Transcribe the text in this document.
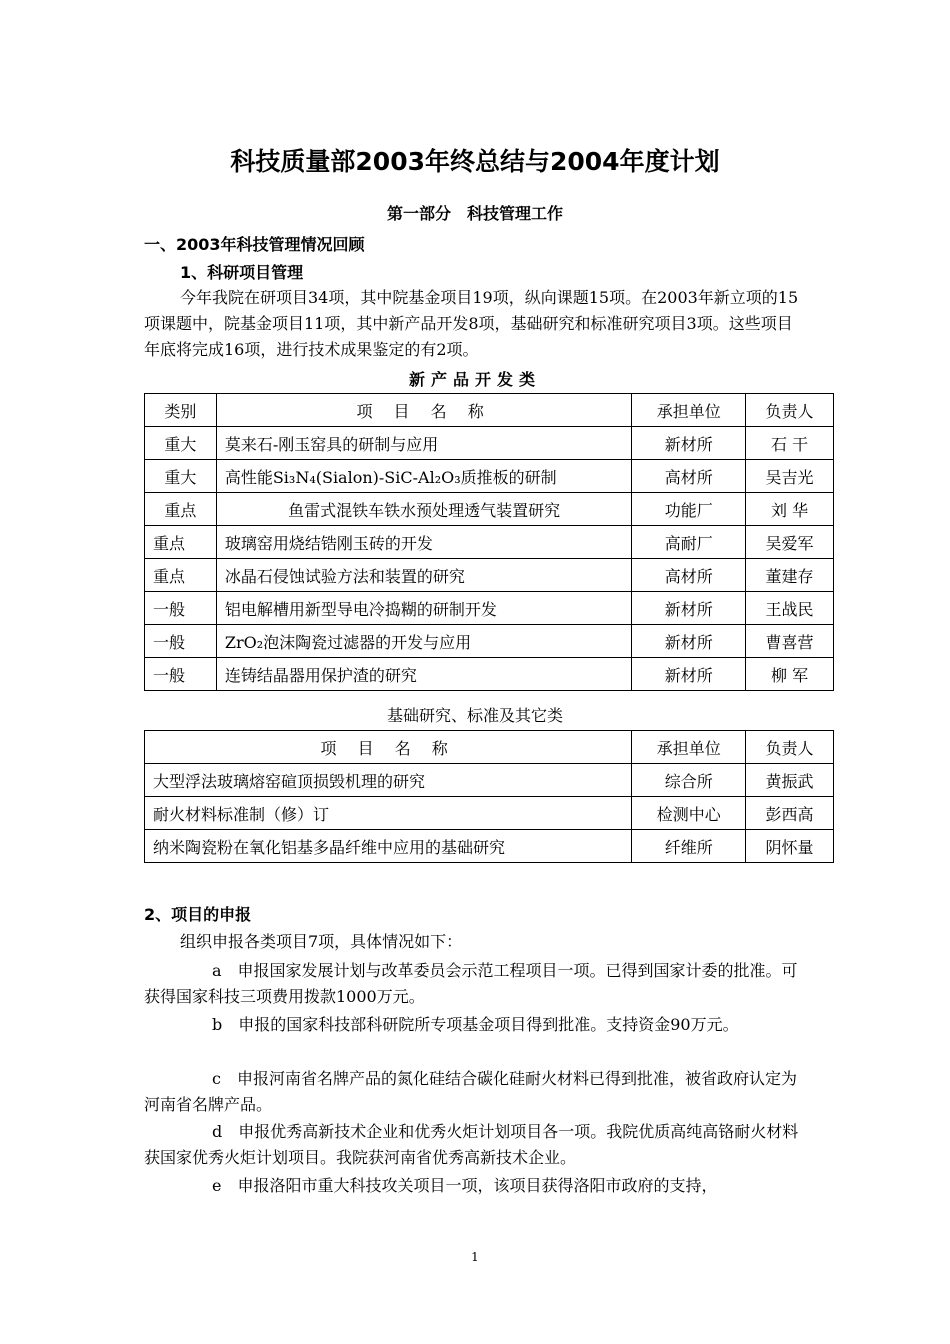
科技质量部2003年终总结与2004年度计划
第一部分　科技管理工作
一、2003年科技管理情况回顾
1、科研项目管理
今年我院在研项目34项，其中院基金项目19项，纵向课题15项。在2003年新立项的15项课题中，院基金项目11项，其中新产品开发8项，基础研究和标准研究项目3项。这些项目年底将完成16项，进行技术成果鉴定的有2项。
新产品开发类
类别	项 目 名 称	承担单位	负责人
重大	莫来石-刚玉窑具的研制与应用	新材所	石 干
重大	高性能Si₃N₄(Sialon)-SiC-Al₂O₃质推板的研制	高材所	吴吉光
重点	鱼雷式混铁车铁水预处理透气装置研究	功能厂	刘 华
重点	玻璃窑用烧结锆刚玉砖的开发	高耐厂	吴爱军
重点	冰晶石侵蚀试验方法和装置的研究	高材所	董建存
一般	铝电解槽用新型导电冷捣糊的研制开发	新材所	王战民
一般	ZrO₂泡沫陶瓷过滤器的开发与应用	新材所	曹喜营
一般	连铸结晶器用保护渣的研究	新材所	柳 军
基础研究、标准及其它类
项 目 名 称	承担单位	负责人
大型浮法玻璃熔窑碹顶损毁机理的研究	综合所	黄振武
耐火材料标准制（修）订	检测中心	彭西高
纳米陶瓷粉在氧化铝基多晶纤维中应用的基础研究	纤维所	阴怀量
2、项目的申报
组织申报各类项目7项，具体情况如下：
a　申报国家发展计划与改革委员会示范工程项目一项。已得到国家计委的批准。可获得国家科技三项费用拨款1000万元。
b　申报的国家科技部科研院所专项基金项目得到批准。支持资金90万元。
c　申报河南省名牌产品的氮化硅结合碳化硅耐火材料已得到批准，被省政府认定为河南省名牌产品。
d　申报优秀高新技术企业和优秀火炬计划项目各一项。我院优质高纯高铬耐火材料获国家优秀火炬计划项目。我院获河南省优秀高新技术企业。
e　申报洛阳市重大科技攻关项目一项，该项目获得洛阳市政府的支持，
1
